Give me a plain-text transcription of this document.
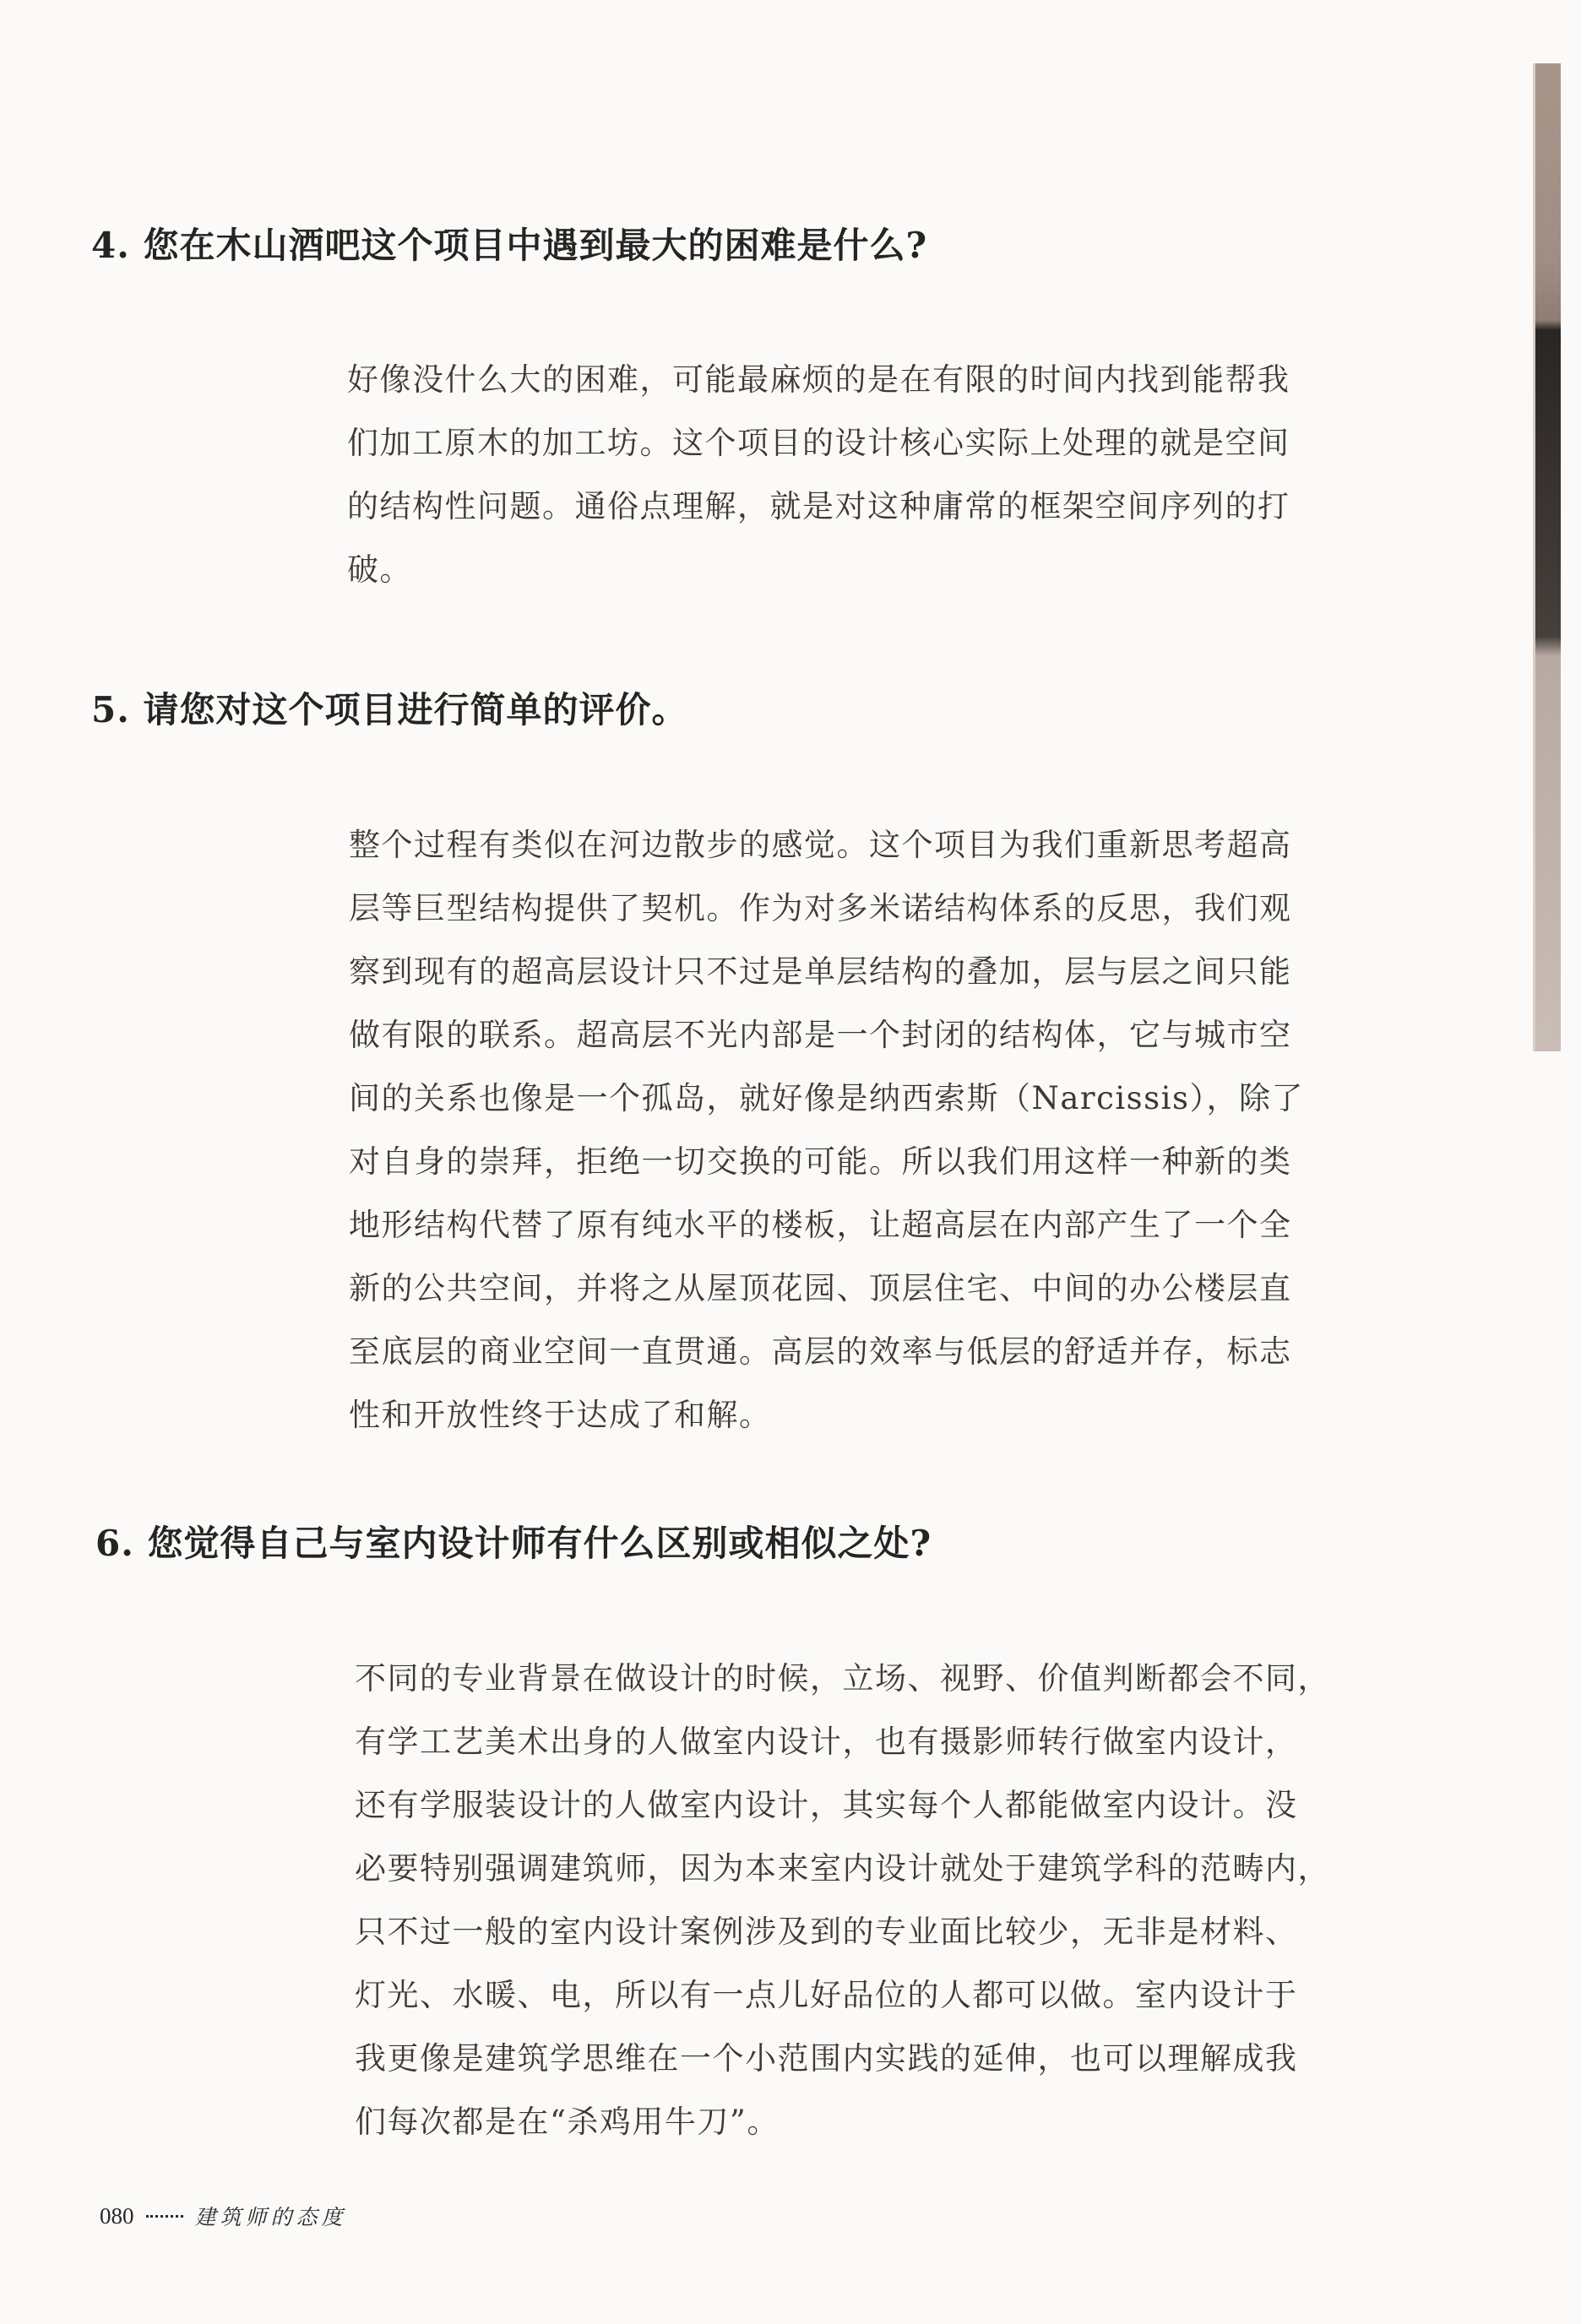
4. 您在木山酒吧这个项目中遇到最大的困难是什么?
好像没什么大的困难，可能最麻烦的是在有限的时间内找到能帮我
们加工原木的加工坊。这个项目的设计核心实际上处理的就是空间
的结构性问题。通俗点理解，就是对这种庸常的框架空间序列的打
破。
5. 请您对这个项目进行简单的评价。
整个过程有类似在河边散步的感觉。这个项目为我们重新思考超高
层等巨型结构提供了契机。作为对多米诺结构体系的反思，我们观
察到现有的超高层设计只不过是单层结构的叠加，层与层之间只能
做有限的联系。超高层不光内部是一个封闭的结构体，它与城市空
间的关系也像是一个孤岛，就好像是纳西索斯（Narcissis），除了
对自身的崇拜，拒绝一切交换的可能。所以我们用这样一种新的类
地形结构代替了原有纯水平的楼板，让超高层在内部产生了一个全
新的公共空间，并将之从屋顶花园、顶层住宅、中间的办公楼层直
至底层的商业空间一直贯通。高层的效率与低层的舒适并存，标志
性和开放性终于达成了和解。
6. 您觉得自己与室内设计师有什么区别或相似之处?
不同的专业背景在做设计的时候，立场、视野、价值判断都会不同，
有学工艺美术出身的人做室内设计，也有摄影师转行做室内设计，
还有学服装设计的人做室内设计，其实每个人都能做室内设计。没
必要特别强调建筑师，因为本来室内设计就处于建筑学科的范畴内，
只不过一般的室内设计案例涉及到的专业面比较少，无非是材料、
灯光、水暖、电，所以有一点儿好品位的人都可以做。室内设计于
我更像是建筑学思维在一个小范围内实践的延伸，也可以理解成我
们每次都是在“杀鸡用牛刀”。
080	建筑师的态度
